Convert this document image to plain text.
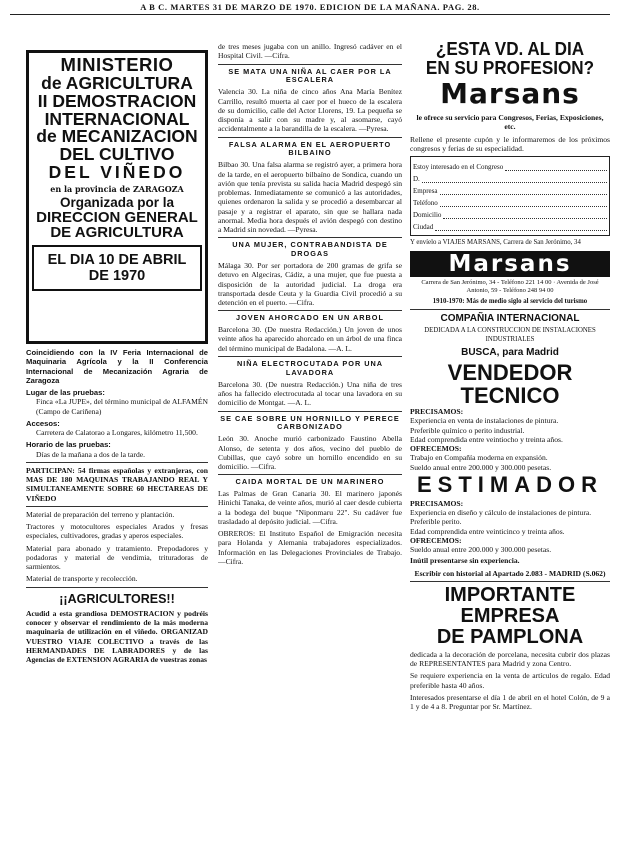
A B C. MARTES 31 DE MARZO DE 1970. EDICION DE LA MAÑANA. PAG. 28.
MINISTERIO
de AGRICULTURA
II DEMOSTRACION
INTERNACIONAL
de MECANIZACION
DEL CULTIVO
DEL VIÑEDO
en la provincia de ZARAGOZA
Organizada por la
DIRECCION GENERAL
DE AGRICULTURA
EL DIA 10 DE ABRIL DE 1970
Coincidiendo con la IV Feria Internacional de Maquinaria Agrícola y la II Conferencia Internacional de Mecanización Agraria de Zaragoza
Lugar de las pruebas:
Finca «La JUPE», del término municipal de ALFAMÉN (Campo de Cariñena)
Accesos:
Carretera de Calatorao a Longares, kilómetro 11,500.
Horario de las pruebas:
Días de la mañana a dos de la tarde.
PARTICIPAN: 54 firmas españolas y extranjeras, con MAS DE 180 MAQUINAS TRABAJANDO REAL Y SIMULTANEAMENTE SOBRE 60 HECTAREAS DE VIÑEDO
Material de preparación del terreno y plantación.
Tractores y motocultores especiales Arados y fresas especiales, cultivadores, gradas y aperos especiales.
Material para abonado y tratamiento. Prepodadores y podadoras y material de vendimia, trituradoras de sarmientos.
Material de transporte y recolección.
¡¡AGRICULTORES!!
Acudid a esta grandiosa DEMOSTRACION y podréis conocer y observar el rendimiento de la más moderna maquinaria de utilización en el viñedo. ORGANIZAD VUESTRO VIAJE COLECTIVO a través de las HERMANDADES DE LABRADORES y de las Agencias de EXTENSION AGRARIA de vuestras zonas
de tres meses jugaba con un anillo. Ingresó cadáver en el Hospital Civil. —Cifra.
SE MATA UNA NIÑA AL CAER POR LA ESCALERA
Valencia 30. La niña de cinco años Ana María Benítez Carrillo, resultó muerta al caer por el hueco de la escalera de su domicilio, calle del Actor Llorens, 19. La pequeña se disponía a salir con su madre y, al asomarse, cayó accidentalmente a la barandilla de la escalera. —Pyresa.
FALSA ALARMA EN EL AEROPUERTO BILBAINO
Bilbao 30. Una falsa alarma se registró ayer, a primera hora de la tarde, en el aeropuerto bilbaíno de Sondica, cuando un avión que tenía prevista su salida hacia Madrid despegó sin problemas. Inmediatamente se comunicó a las autoridades, quienes ordenaron la salida y se procedió a desembarcar al pasaje y a registrar el aparato, sin que se hallara nada anormal. Media hora después el avión despegó con destino a Madrid sin novedad. —Pyresa.
UNA MUJER, CONTRABANDISTA DE DROGAS
Málaga 30. Por ser portadora de 200 gramas de grifa se detuvo en Algeciras, Cádiz, a una mujer, que fue puesta a disposición de la autoridad judicial. La droga era transportada desde Ceuta y la Guardia Civil procedió a su detención en el puerto. —Cifra.
JOVEN AHORCADO EN UN ARBOL
Barcelona 30. (De nuestra Redacción.) Un joven de unos veinte años ha aparecido ahorcado en un árbol de una finca del término municipal de Badalona. —A. L.
NIÑA ELECTROCUTADA POR UNA LAVADORA
Barcelona 30. (De nuestra Redacción.) Una niña de tres años ha fallecido electrocutada al tocar una lavadora en su domicilio de Montgat. —A. L.
SE CAE SOBRE UN HORNILLO Y PERECE CARBONIZADO
León 30. Anoche murió carbonizado Faustino Abella Alonso, de setenta y dos años, vecino del pueblo de Cubillas, que cayó sobre un hornillo encendido en su domicilio. —Cifra.
CAIDA MORTAL DE UN MARINERO
Las Palmas de Gran Canaria 30. El marinero japonés Hinichi Tanaka, de veinte años, murió al caer desde cubierta a la bodega del buque "Niponmaru 22". Su cadáver fue trasladado al depósito judicial. —Cifra.
OBREROS: El Instituto Español de Emigración necesita para Holanda y Alemania trabajadores especializados. Información en las Delegaciones Provinciales de Trabajo. —Cifra.
¿ESTA VD. AL DIA
EN SU PROFESION?
Marsans
le ofrece su servicio para Congresos, Ferias, Exposiciones, etc.
Rellene el presente cupón y le informaremos de los próximos congresos y ferias de su especialidad.
Estoy interesado en el Congreso
D.
Empresa
Teléfono
Domicilio
Ciudad
Y envíelo a VIAJES MARSANS, Carrera de San Jerónimo, 34
Marsans
Carrera de San Jerónimo, 34 - Teléfono 221 14 00 · Avenida de José Antonio, 59 - Teléfono 248 94 00
1910-1970: Más de medio siglo al servicio del turismo
COMPAÑIA INTERNACIONAL
DEDICADA A LA CONSTRUCCION DE INSTALACIONES INDUSTRIALES
BUSCA, para Madrid
VENDEDOR TECNICO
PRECISAMOS:
Experiencia en venta de instalaciones de pintura.
Preferible químico o perito industrial.
Edad comprendida entre veintiocho y treinta años.
OFRECEMOS:
Trabajo en Compañía moderna en expansión.
Sueldo anual entre 200.000 y 300.000 pesetas.
ESTIMADOR
PRECISAMOS:
Experiencia en diseño y cálculo de instalaciones de pintura.
Preferible perito.
Edad comprendida entre veinticinco y treinta años.
OFRECEMOS:
Sueldo anual entre 200.000 y 300.000 pesetas.
Inútil presentarse sin experiencia.
Escribir con historial al Apartado 2.083 - MADRID (S.062)
IMPORTANTE EMPRESA
DE PAMPLONA
dedicada a la decoración de porcelana, necesita cubrir dos plazas de REPRESENTANTES para Madrid y zona Centro.
Se requiere experiencia en la venta de artículos de regalo. Edad preferible hasta 40 años.
Interesados presentarse el día 1 de abril en el hotel Colón, de 9 a 1 y de 4 a 8. Preguntar por Sr. Martínez.
